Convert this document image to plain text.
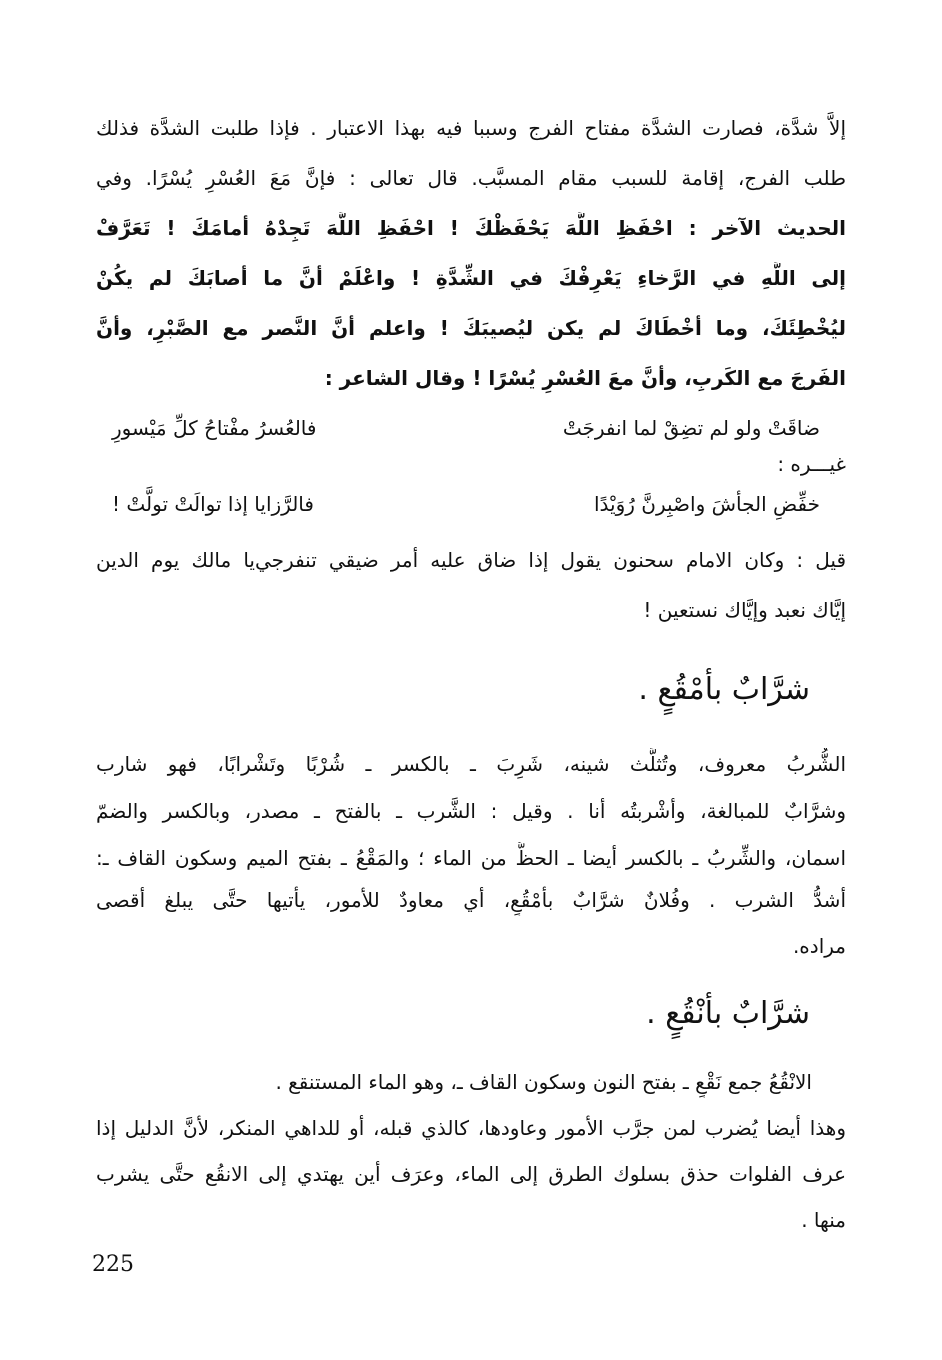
إلاَّ شدَّة، فصارت الشدَّة مفتاح الفرج وسببا فيه بهذا الاعتبار . فإذا طلبت الشدَّة فذلك
طلب الفرج، إقامة للسبب مقام المسبَّب. قال تعالى : فإنَّ مَعَ العُسْرِ يُسْرًا. وفي
الحديث الآخر : احْفَظِ اللَّهَ يَحْفَظْكَ ! احْفَظِ اللَّهَ تَجِدْهُ أمامَكَ ! تَعَرَّفْ
إلى اللَّهِ في الرَّخاءِ يَعْرِفْكَ في الشِّدَّةِ ! واعْلَمْ أنَّ ما أصابَكَ لم يكُنْ
ليُخْطِئَكَ، وما أخْطَاكَ لم يكن ليُصيبَكَ ! واعلم أنَّ النَّصر مع الصَّبْرِ، وأنَّ
الفَرجَ مع الكَربِ، وأنَّ معَ العُسْرِ يُسْرًا ! وقال الشاعر :
ضاقَتْ ولو لم تضِقْ لما انفرجَتْ
فالعُسرُ مفْتاحُ كلِّ مَيْسورِ
غيـــره :
خفِّضِ الجأشَ واصْبِرنَّ رُوَيْدًا
فالرَّزايا إذا توالَتْ تولَّتْ !
قيل : وكان الامام سحنون يقول إذا ضاق عليه أمر ضيقي تنفرجي‌يا مالك يوم الدين
إيَّاك نعبد وإيَّاك نستعين !
شرَّابٌ بأمْقُعٍ .
الشُّربُ معروف، وتُثلَّث شينه، شَرِبَ ـ بالكسر ـ شُرْبًا وتَشْرابًا، فهو شارب
وشرَّابٌ للمبالغة، وأشْربتُه أنا . وقيل : الشَّرب ـ بالفتح ـ مصدر، وبالكسر والضمّ
اسمان، والشِّربُ ـ بالكسر أيضا ـ الحظُّ من الماء ؛ والمَقْعُ ـ بفتح الميم وسكون القاف ـ:
أشدُّ الشرب . وفُلانٌ شرَّابٌ بأمْقُعٍ، أي معاودٌ للأمور، يأتيها حتَّى يبلغ أقصى
مراده.
شرَّابٌ بأنْقُعٍ .
الانْقُعُ جمع نَقْعٍ ـ بفتح النون وسكون القاف ـ، وهو الماء المستنقع .
وهذا أيضا يُضرب لمن جرَّب الأمور وعاودها، كالذي قبله، أو للداهي المنكر، لأنَّ الدليل إذا
عرف الفلوات حذق بسلوك الطرق إلى الماء، وعرَف أين يهتدي إلى الانقُع حتَّى يشرب
منها .
225
